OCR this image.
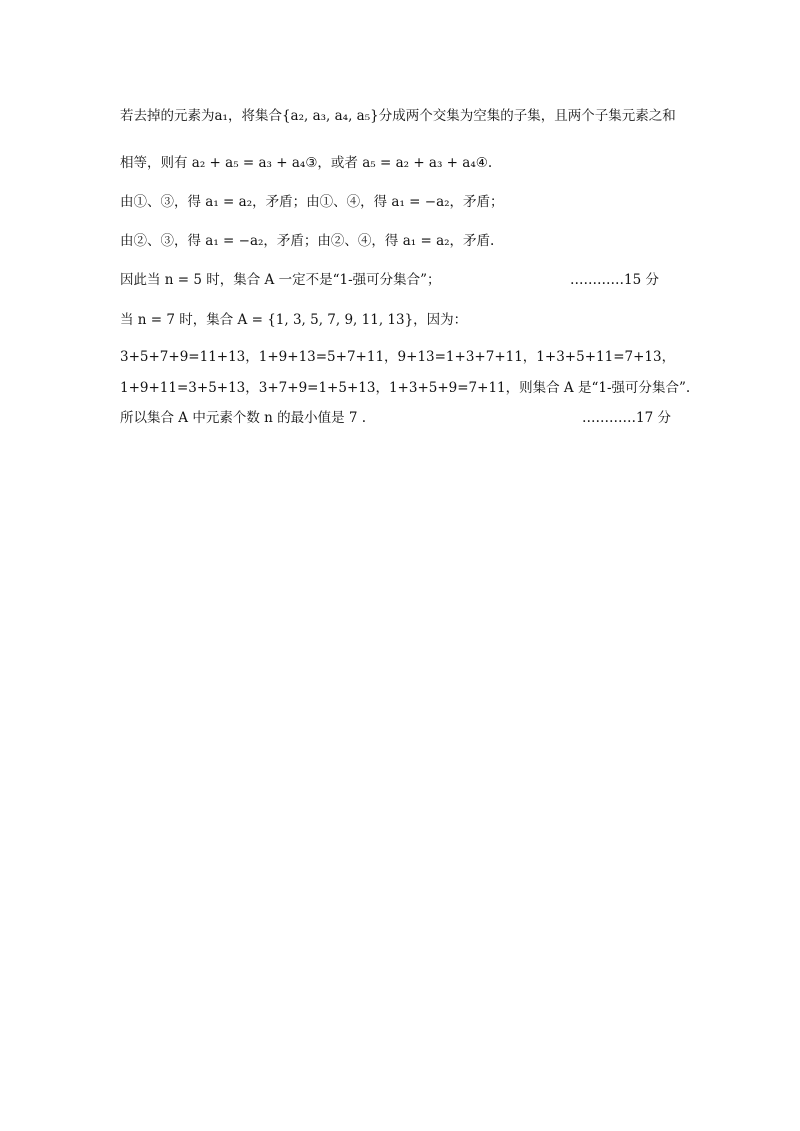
若去掉的元素为a₁，将集合{a₂, a₃, a₄, a₅}分成两个交集为空集的子集，且两个子集元素之和
相等，则有 a₂ + a₅ = a₃ + a₄③，或者 a₅ = a₂ + a₃ + a₄④.
由①、③，得 a₁ = a₂，矛盾；由①、④，得 a₁ = −a₂，矛盾；
由②、③，得 a₁ = −a₂，矛盾；由②、④，得 a₁ = a₂，矛盾.
因此当 n = 5 时，集合 A 一定不是“1-强可分集合”；	…………15 分
当 n = 7 时，集合 A = {1, 3, 5, 7, 9, 11, 13}，因为：
3+5+7+9=11+13，1+9+13=5+7+11，9+13=1+3+7+11，1+3+5+11=7+13，
1+9+11=3+5+13，3+7+9=1+5+13，1+3+5+9=7+11，则集合 A 是“1-强可分集合”.
所以集合 A 中元素个数 n 的最小值是 7 .	…………17 分
